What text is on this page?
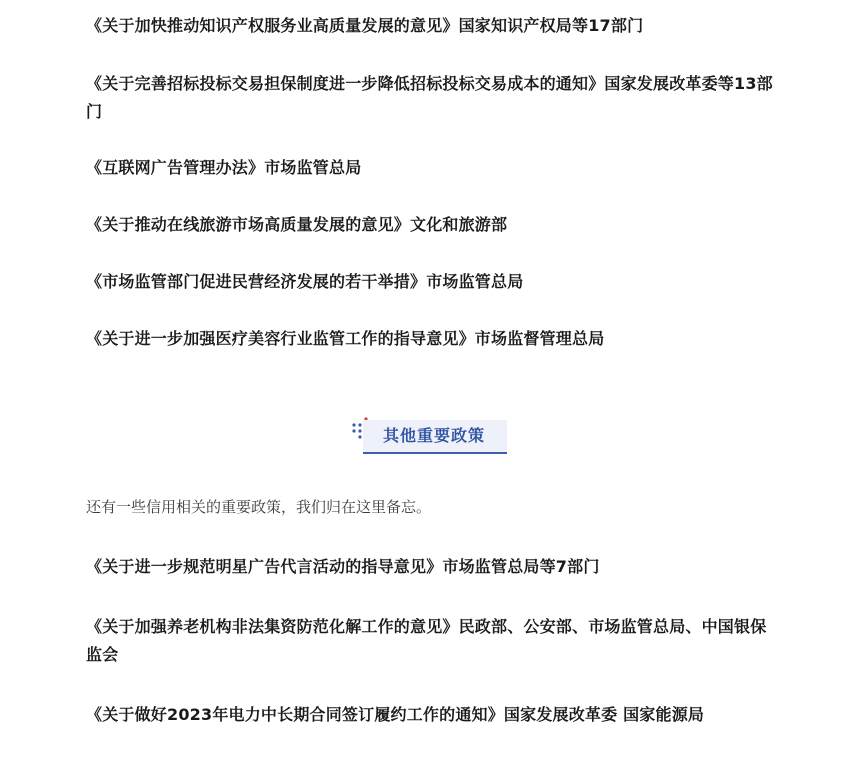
《关于加快推动知识产权服务业高质量发展的意见》国家知识产权局等17部门

《关于完善招标投标交易担保制度进一步降低招标投标交易成本的通知》国家发展改革委等13部门

《互联网广告管理办法》市场监管总局

《关于推动在线旅游市场高质量发展的意见》文化和旅游部

《市场监管部门促进民营经济发展的若干举措》市场监管总局

《关于进一步加强医疗美容行业监管工作的指导意见》市场监督管理总局

其他重要政策

还有一些信用相关的重要政策，我们归在这里备忘。

《关于进一步规范明星广告代言活动的指导意见》市场监管总局等7部门

《关于加强养老机构非法集资防范化解工作的意见》民政部、公安部、市场监管总局、中国银保监会

《关于做好2023年电力中长期合同签订履约工作的通知》国家发展改革委 国家能源局
